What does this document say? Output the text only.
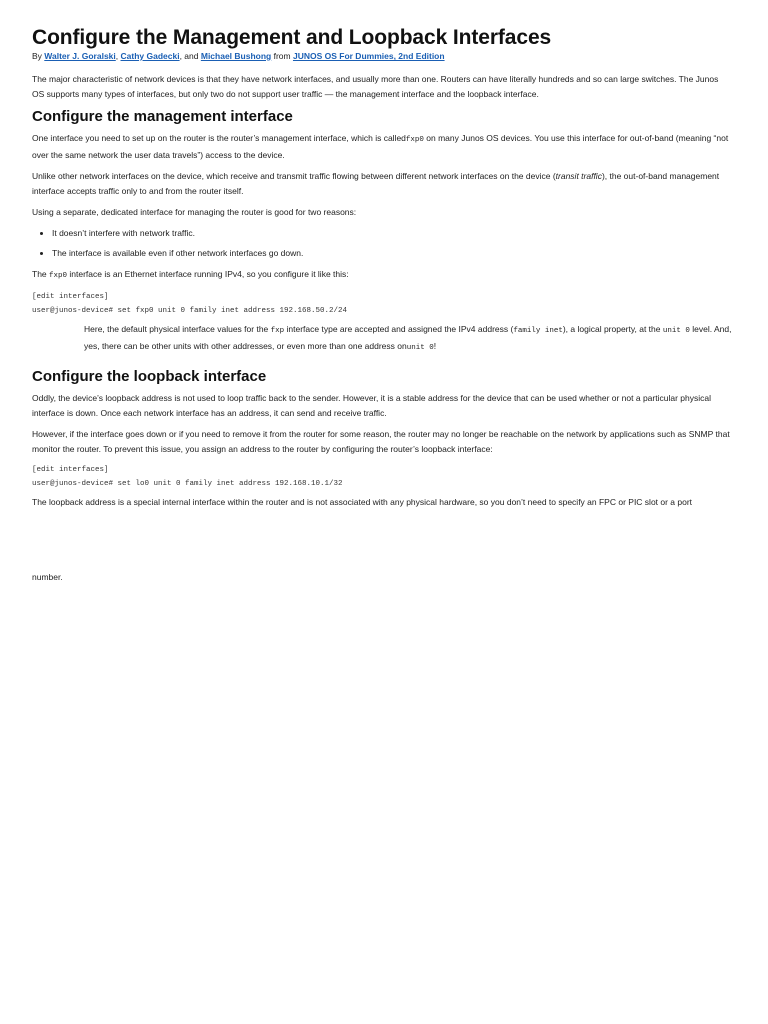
Configure the Management and Loopback Interfaces
By Walter J. Goralski, Cathy Gadecki, and Michael Bushong from JUNOS OS For Dummies, 2nd Edition

The major characteristic of network devices is that they have network interfaces, and usually more than one. Routers can have literally hundreds and so can large switches. The Junos OS supports many types of interfaces, but only two do not support user traffic — the management interface and the loopback interface.

Configure the management interface

One interface you need to set up on the router is the router’s management interface, which is calledfxp0 on many Junos OS devices. You use this interface for out-of-band (meaning “not over the same network the user data travels”) access to the device.

Unlike other network interfaces on the device, which receive and transmit traffic flowing between different network interfaces on the device (transit traffic), the out-of-band management interface accepts traffic only to and from the router itself.

Using a separate, dedicated interface for managing the router is good for two reasons:

• It doesn’t interfere with network traffic.
• The interface is available even if other network interfaces go down.

The fxp0 interface is an Ethernet interface running IPv4, so you configure it like this:

[edit interfaces]
user@junos-device# set fxp0 unit 0 family inet address 192.168.50.2/24

Here, the default physical interface values for the fxp interface type are accepted and assigned the IPv4 address (family inet), a logical property, at the unit 0 level. And, yes, there can be other units with other addresses, or even more than one address onunit 0!

Configure the loopback interface

Oddly, the device’s loopback address is not used to loop traffic back to the sender. However, it is a stable address for the device that can be used whether or not a particular physical interface is down. Once each network interface has an address, it can send and receive traffic.

However, if the interface goes down or if you need to remove it from the router for some reason, the router may no longer be reachable on the network by applications such as SNMP that monitor the router. To prevent this issue, you assign an address to the router by configuring the router’s loopback interface:

[edit interfaces]
user@junos-device# set lo0 unit 0 family inet address 192.168.10.1/32

The loopback address is a special internal interface within the router and is not associated with any physical hardware, so you don’t need to specify an FPC or PIC slot or a port

number.
